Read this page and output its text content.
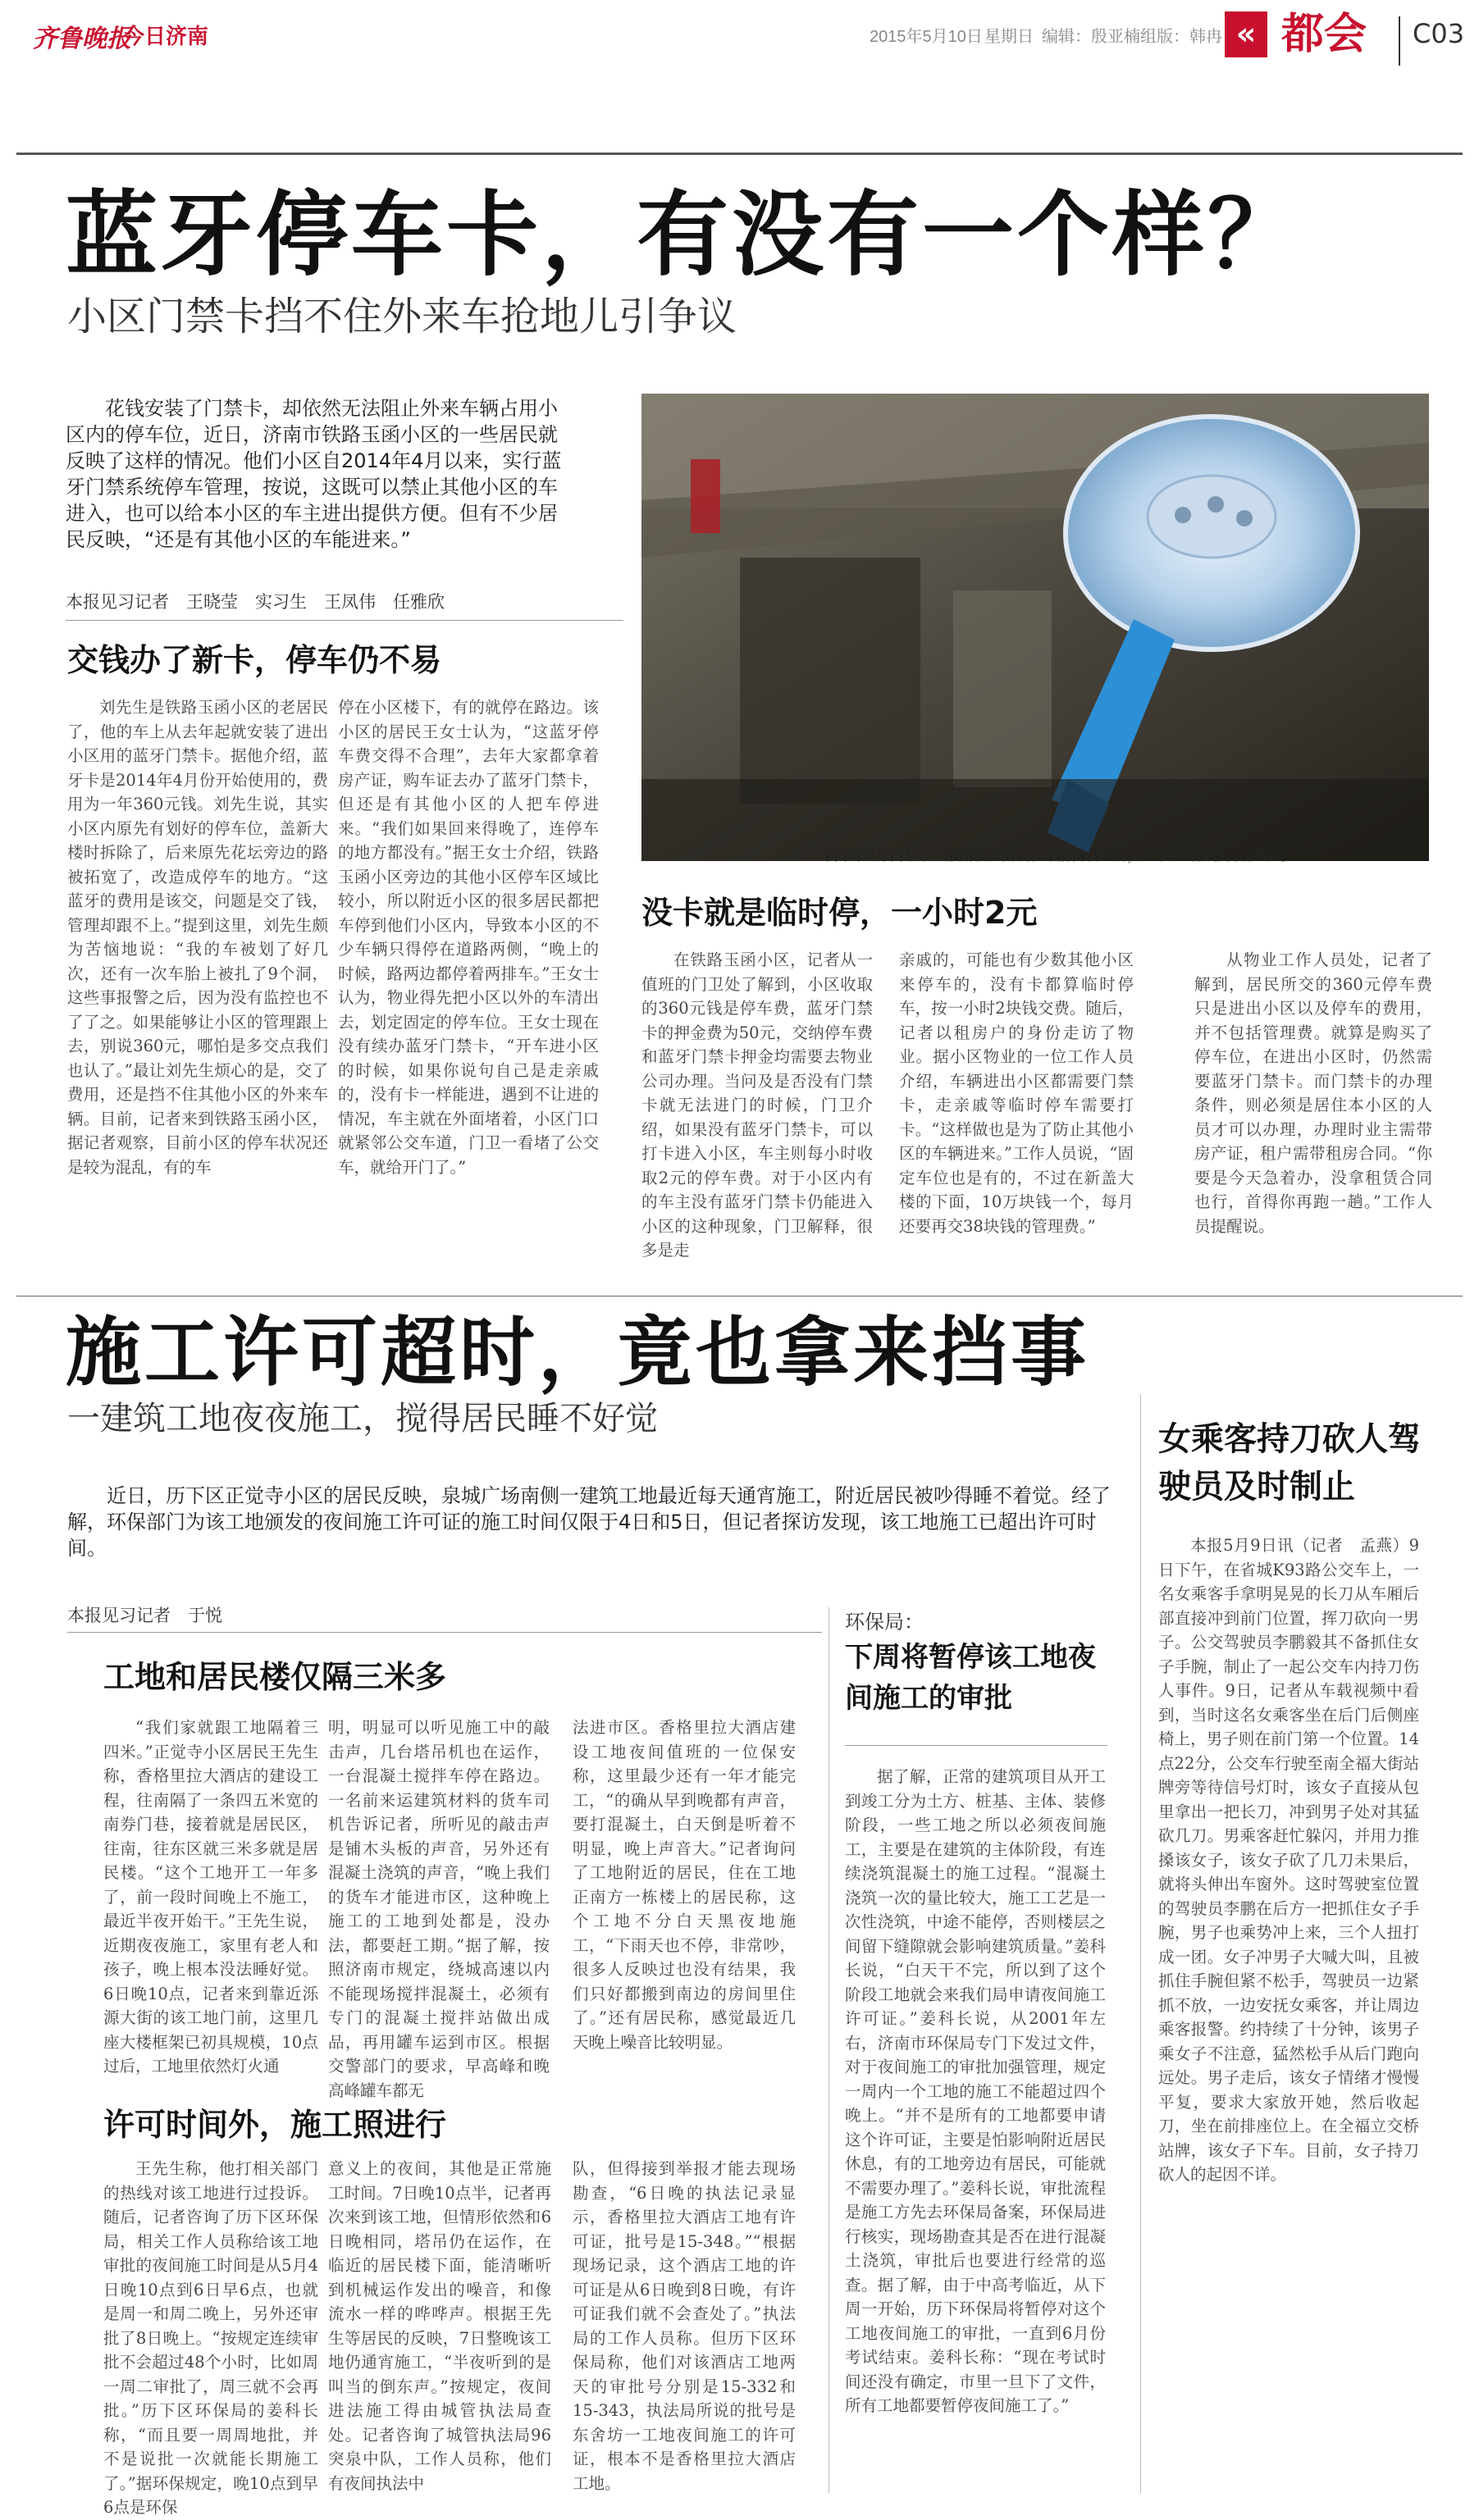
齐鲁晚报
今日济南	2015年5月10日 星期日 编辑：殷亚楠 组版：韩冉 « 都会 C03
蓝牙停车卡，有没有一个样？
小区门禁卡挡不住外来车抢地儿引争议
花钱安装了门禁卡，却依然无法阻止外来车辆占用小区内的停车位，近日，济南市铁路玉函小区的一些居民就反映了这样的情况。他们小区自2014年4月以来，实行蓝牙门禁系统停车管理，按说，这既可以禁止其他小区的车进入，也可以给本小区的车主进出提供方便。但有不少居民反映，“还是有其他小区的车能进来。”
本报见习记者　王晓莹　实习生　王凤伟　任雅欣
交钱办了新卡，停车仍不易
刘先生是铁路玉函小区的老居民了，他的车上从去年起就安装了进出小区用的蓝牙门禁卡。据他介绍，蓝牙卡是2014年4月份开始使用的，费用为一年360元钱。刘先生说，其实小区内原先有划好的停车位，盖新大楼时拆除了，后来原先花坛旁边的路被拓宽了，改造成停车的地方。“这蓝牙的费用是该交，问题是交了钱，管理却跟不上。”提到这里，刘先生颇为苦恼地说：“我的车被划了好几次，还有一次车胎上被扎了9个洞，这些事报警之后，因为没有监控也不了了之。如果能够让小区的管理跟上去，别说360元，哪怕是多交点我们也认了。”最让刘先生烦心的是，交了费用，还是挡不住其他小区的外来车辆。目前，记者来到铁路玉函小区，据记者观察，目前小区的停车状况还是较为混乱，有的车
停在小区楼下，有的就停在路边。该小区的居民王女士认为，“这蓝牙停车费交得不合理”，去年大家都拿着房产证，购车证去办了蓝牙门禁卡，但还是有其他小区的人把车停进来。“我们如果回来得晚了，连停车的地方都没有。”据王女士介绍，铁路玉函小区旁边的其他小区停车区域比较小，所以附近小区的很多居民都把车停到他们小区内，导致本小区的不少车辆只得停在道路两侧，“晚上的时候，路两边都停着两排车。”王女士认为，物业得先把小区以外的车清出去，划定固定的停车位。王女士现在没有续办蓝牙门禁卡，“开车进小区的时候，如果你说句自己是走亲戚的，没有卡一样能进，遇到不让进的情况，车主就在外面堵着，小区门口就紧邻公交车道，门卫一看堵了公交车，就给开门了。”
车内的蓝牙门禁卡一般用吸盘安装在车前窗右上角，进小区时能够自动感应。
没卡就是临时停，一小时2元
在铁路玉函小区，记者从一值班的门卫处了解到，小区收取的360元钱是停车费，蓝牙门禁卡的押金费为50元，交纳停车费和蓝牙门禁卡押金均需要去物业公司办理。当问及是否没有门禁卡就无法进门的时候，门卫介绍，如果没有蓝牙门禁卡，可以打卡进入小区，车主则每小时收取2元的停车费。对于小区内有的车主没有蓝牙门禁卡仍能进入小区的这种现象，门卫解释，很多是走
亲戚的，可能也有少数其他小区来停车的，没有卡都算临时停车，按一小时2块钱交费。随后，记者以租房户的身份走访了物业。据小区物业的一位工作人员介绍，车辆进出小区都需要门禁卡，走亲戚等临时停车需要打卡。“这样做也是为了防止其他小区的车辆进来。”工作人员说，“固定车位也是有的，不过在新盖大楼的下面，10万块钱一个，每月还要再交38块钱的管理费。”
从物业工作人员处，记者了解到，居民所交的360元停车费只是进出小区以及停车的费用，并不包括管理费。就算是购买了停车位，在进出小区时，仍然需要蓝牙门禁卡。而门禁卡的办理条件，则必须是居住本小区的人员才可以办理，办理时业主需带房产证，租户需带租房合同。“你要是今天急着办，没拿租赁合同也行，首得你再跑一趟。”工作人员提醒说。
施工许可超时，竟也拿来挡事
一建筑工地夜夜施工，搅得居民睡不好觉
近日，历下区正觉寺小区的居民反映，泉城广场南侧一建筑工地最近每天通宵施工，附近居民被吵得睡不着觉。经了解，环保部门为该工地颁发的夜间施工许可证的施工时间仅限于4日和5日，但记者探访发现，该工地施工已超出许可时间。
本报见习记者　于悦
工地和居民楼仅隔三米多
“我们家就跟工地隔着三四米。”正觉寺小区居民王先生称，香格里拉大酒店的建设工程，往南隔了一条四五米宽的南券门巷，接着就是居民区，往南，往东区就三米多就是居民楼。“这个工地开工一年多了，前一段时间晚上不施工，最近半夜开始干。”王先生说，近期夜夜施工，家里有老人和孩子，晚上根本没法睡好觉。6日晚10点，记者来到靠近泺源大街的该工地门前，这里几座大楼框架已初具规模，10点过后，工地里依然灯火通
明，明显可以听见施工中的敲击声，几台塔吊机也在运作，一台混凝土搅拌车停在路边。一名前来运建筑材料的货车司机告诉记者，所听见的敲击声是铺木头板的声音，另外还有混凝土浇筑的声音，“晚上我们的货车才能进市区，这种晚上施工的工地到处都是，没办法，都要赶工期。”据了解，按照济南市规定，绕城高速以内不能现场搅拌混凝土，必须有专门的混凝土搅拌站做出成品，再用罐车运到市区。根据交警部门的要求，早高峰和晚高峰罐车都无
法进市区。香格里拉大酒店建设工地夜间值班的一位保安称，这里最少还有一年才能完工，“的确从早到晚都有声音，要打混凝土，白天倒是听着不明显，晚上声音大。”记者询问了工地附近的居民，住在工地正南方一栋楼上的居民称，这个工地不分白天黑夜地施工，“下雨天也不停，非常吵，很多人反映过也没有结果，我们只好都搬到南边的房间里住了。”还有居民称，感觉最近几天晚上噪音比较明显。
许可时间外，施工照进行
王先生称，他打相关部门的热线对该工地进行过投诉。随后，记者咨询了历下区环保局，相关工作人员称给该工地审批的夜间施工时间是从5月4日晚10点到6日早6点，也就是周一和周二晚上，另外还审批了8日晚上。“按规定连续审批不会超过48个小时，比如周一周二审批了，周三就不会再批。”历下区环保局的姜科长称，“而且要一周周地批，并不是说批一次就能长期施工了。”据环保规定，晚10点到早6点是环保
意义上的夜间，其他是正常施工时间。7日晚10点半，记者再次来到该工地，但情形依然和6日晚相同，塔吊仍在运作，在临近的居民楼下面，能清晰听到机械运作发出的噪音，和像流水一样的哗哗声。根据王先生等居民的反映，7日整晚该工地仍通宵施工，“半夜听到的是叫当的倒东声。”按规定，夜间进法施工得由城管执法局查处。记者咨询了城管执法局96突泉中队，工作人员称，他们有夜间执法中
队，但得接到举报才能去现场勘查，“6日晚的执法记录显示，香格里拉大酒店工地有许可证，批号是15-348。”“根据现场记录，这个酒店工地的许可证是从6日晚到8日晚，有许可证我们就不会查处了。”执法局的工作人员称。但历下区环保局称，他们对该酒店工地两天的审批号分别是15-332和15-343，执法局所说的批号是东舍坊一工地夜间施工的许可证，根本不是香格里拉大酒店工地。
环保局：
下周将暂停该工地夜间施工的审批
据了解，正常的建筑项目从开工到竣工分为土方、桩基、主体、装修阶段，一些工地之所以必须夜间施工，主要是在建筑的主体阶段，有连续浇筑混凝土的施工过程。“混凝土浇筑一次的量比较大，施工工艺是一次性浇筑，中途不能停，否则楼层之间留下缝隙就会影响建筑质量。”姜科长说，“白天干不完，所以到了这个阶段工地就会来我们局申请夜间施工许可证。”姜科长说，从2001年左右，济南市环保局专门下发过文件，对于夜间施工的审批加强管理，规定一周内一个工地的施工不能超过四个晚上。“并不是所有的工地都要申请这个许可证，主要是怕影响附近居民休息，有的工地旁边有居民，可能就不需要办理了。”姜科长说，审批流程是施工方先去环保局备案，环保局进行核实，现场勘查其是否在进行混凝土浇筑，审批后也要进行经常的巡查。据了解，由于中高考临近，从下周一开始，历下环保局将暂停对这个工地夜间施工的审批，一直到6月份考试结束。姜科长称：“现在考试时间还没有确定，市里一旦下了文件，所有工地都要暂停夜间施工了。”
女乘客持刀砍人驾驶员及时制止
本报5月9日讯（记者　孟燕）9日下午，在省城K93路公交车上，一名女乘客手拿明晃晃的长刀从车厢后部直接冲到前门位置，挥刀砍向一男子。公交驾驶员李鹏毅其不备抓住女子手腕，制止了一起公交车内持刀伤人事件。9日，记者从车载视频中看到，当时这名女乘客坐在后门后侧座椅上，男子则在前门第一个位置。14点22分，公交车行驶至南全福大街站牌旁等待信号灯时，该女子直接从包里拿出一把长刀，冲到男子处对其猛砍几刀。男乘客赶忙躲闪，并用力推搡该女子，该女子砍了几刀未果后，就将头伸出车窗外。这时驾驶室位置的驾驶员李鹏在后方一把抓住女子手腕，男子也乘势冲上来，三个人扭打成一团。女子冲男子大喊大叫，且被抓住手腕但紧不松手，驾驶员一边紧抓不放，一边安抚女乘客，并让周边乘客报警。约持续了十分钟，该男子乘女子不注意，猛然松手从后门跑向远处。男子走后，该女子情绪才慢慢平复，要求大家放开她，然后收起刀，坐在前排座位上。在全福立交桥站牌，该女子下车。目前，女子持刀砍人的起因不详。
